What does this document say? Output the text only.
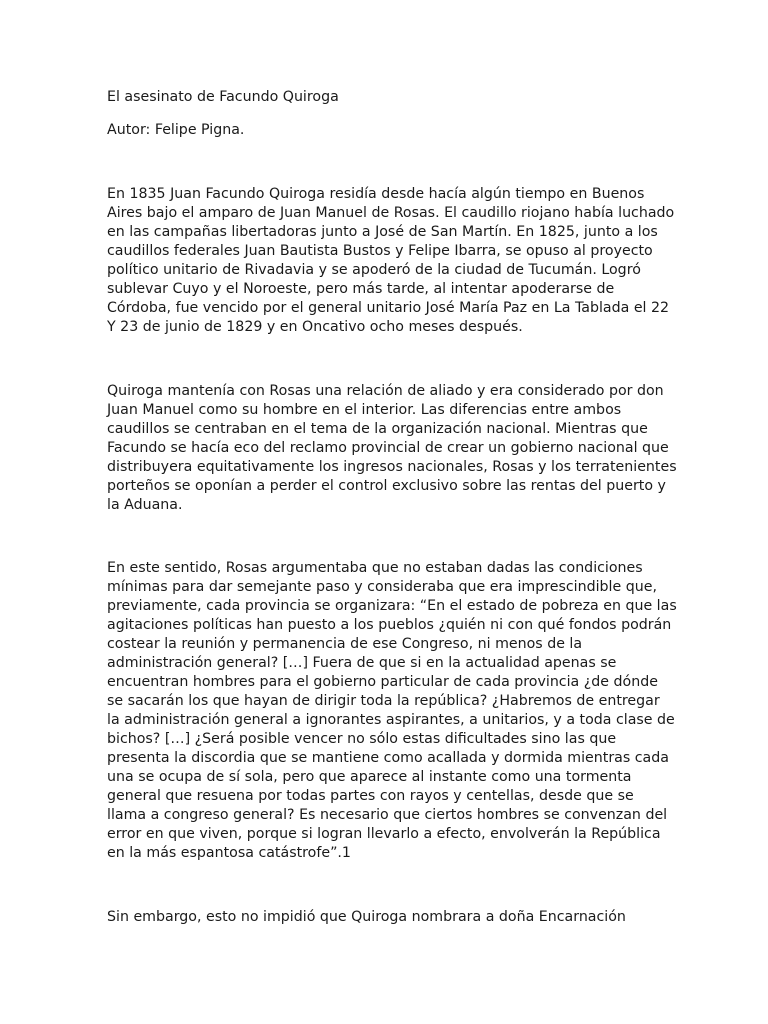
El asesinato de Facundo Quiroga

Autor: Felipe Pigna.

En 1835 Juan Facundo Quiroga residía desde hacía algún tiempo en Buenos
Aires bajo el amparo de Juan Manuel de Rosas. El caudillo riojano había luchado
en las campañas libertadoras junto a José de San Martín. En 1825, junto a los
caudillos federales Juan Bautista Bustos y Felipe Ibarra, se opuso al proyecto
político unitario de Rivadavia y se apoderó de la ciudad de Tucumán. Logró
sublevar Cuyo y el Noroeste, pero más tarde, al intentar apoderarse de
Córdoba, fue vencido por el general unitario José María Paz en La Tablada el 22
Y 23 de junio de 1829 y en Oncativo ocho meses después.
Quiroga mantenía con Rosas una relación de aliado y era considerado por don
Juan Manuel como su hombre en el interior. Las diferencias entre ambos
caudillos se centraban en el tema de la organización nacional. Mientras que
Facundo se hacía eco del reclamo provincial de crear un gobierno nacional que
distribuyera equitativamente los ingresos nacionales, Rosas y los terratenientes
porteños se oponían a perder el control exclusivo sobre las rentas del puerto y
la Aduana.
En este sentido, Rosas argumentaba que no estaban dadas las condiciones
mínimas para dar semejante paso y consideraba que era imprescindible que,
previamente, cada provincia se organizara: “En el estado de pobreza en que las
agitaciones políticas han puesto a los pueblos ¿quién ni con qué fondos podrán
costear la reunión y permanencia de ese Congreso, ni menos de la
administración general? […] Fuera de que si en la actualidad apenas se
encuentran hombres para el gobierno particular de cada provincia ¿de dónde
se sacarán los que hayan de dirigir toda la república? ¿Habremos de entregar
la administración general a ignorantes aspirantes, a unitarios, y a toda clase de
bichos? […] ¿Será posible vencer no sólo estas dificultades sino las que
presenta la discordia que se mantiene como acallada y dormida mientras cada
una se ocupa de sí sola, pero que aparece al instante como una tormenta
general que resuena por todas partes con rayos y centellas, desde que se
llama a congreso general? Es necesario que ciertos hombres se convenzan del
error en que viven, porque si logran llevarlo a efecto, envolverán la República
en la más espantosa catástrofe”.1
Sin embargo, esto no impidió que Quiroga nombrara a doña Encarnación
